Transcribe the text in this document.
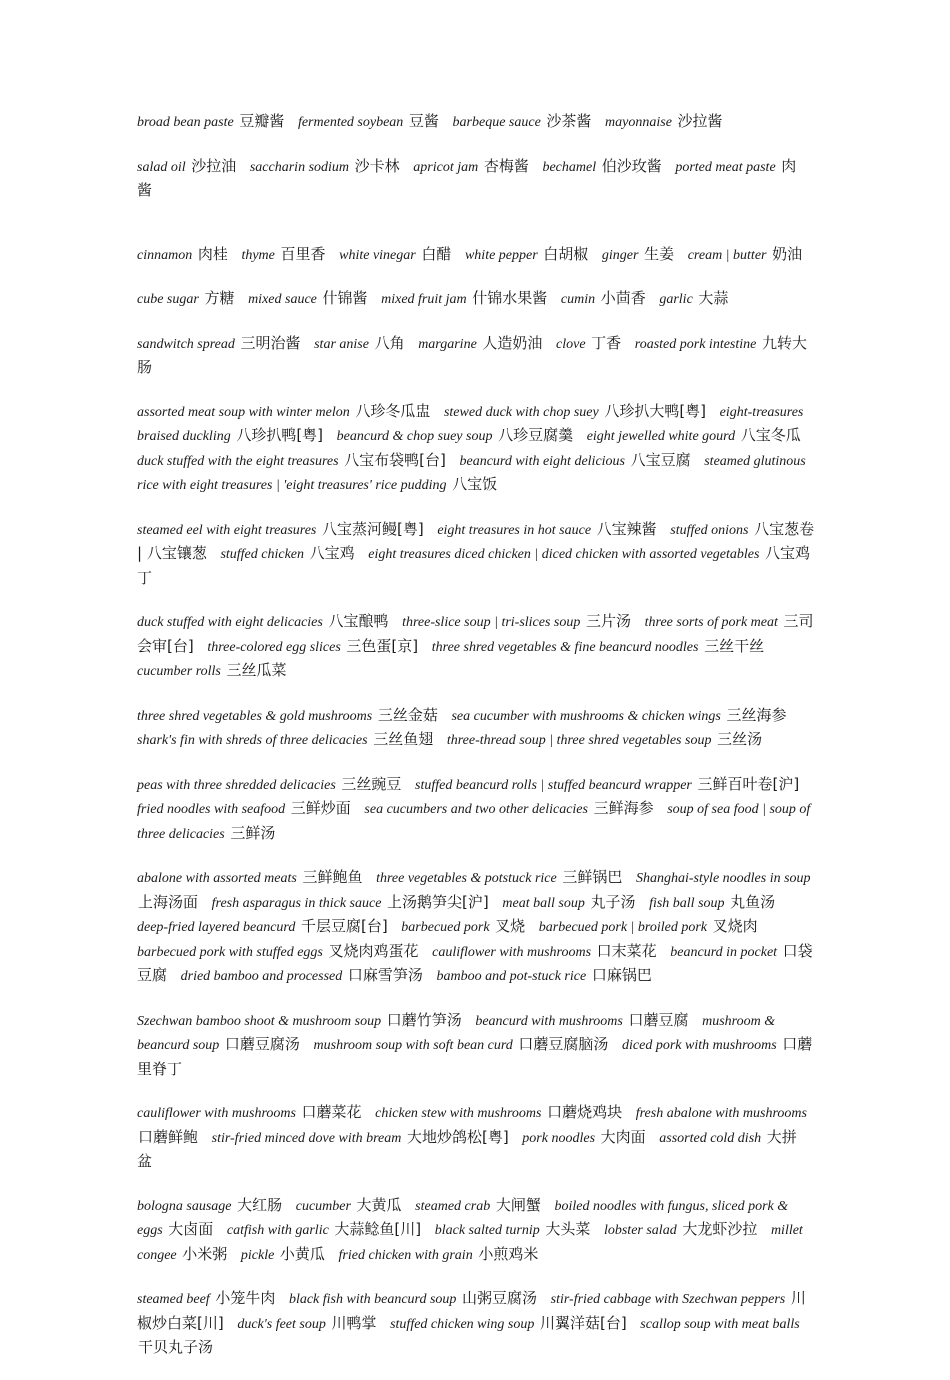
broad bean paste 豆瓣酱 fermented soybean 豆酱 barbeque sauce 沙茶酱 mayonnaise 沙拉酱

salad oil 沙拉油 saccharin sodium 沙卡林 apricot jam 杏梅酱 bechamel 伯沙玫酱 ported meat paste 肉酱

cinnamon 肉桂 thyme 百里香 white vinegar 白醋 white pepper 白胡椒 ginger 生姜 cream | butter 奶油

cube sugar 方糖 mixed sauce 什锦酱 mixed fruit jam 什锦水果酱 cumin 小茴香 garlic 大蒜

sandwitch spread 三明治酱 star anise 八角 margarine 人造奶油 clove 丁香 roasted pork intestine 九转大肠

assorted meat soup with winter melon 八珍冬瓜盅 stewed duck with chop suey 八珍扒大鸭[粤] eight-treasures braised duckling 八珍扒鸭[粤] beancurd & chop suey soup 八珍豆腐羹 eight jewelled white gourd 八宝冬瓜 duck stuffed with the eight treasures 八宝布袋鸭[台] beancurd with eight delicious 八宝豆腐 steamed glutinous rice with eight treasures | 'eight treasures' rice pudding 八宝饭

steamed eel with eight treasures 八宝蒸河鳗[粤] eight treasures in hot sauce 八宝辣酱 stuffed onions 八宝葱卷 | 八宝镶葱 stuffed chicken 八宝鸡 eight treasures diced chicken | diced chicken with assorted vegetables 八宝鸡丁

duck stuffed with eight delicacies 八宝酿鸭 three-slice soup | tri-slices soup 三片汤 three sorts of pork meat 三司会审[台] three-colored egg slices 三色蛋[京] three shred vegetables & fine beancurd noodles 三丝干丝 cucumber rolls 三丝瓜菜

three shred vegetables & gold mushrooms 三丝金菇 sea cucumber with mushrooms & chicken wings 三丝海参 shark's fin with shreds of three delicacies 三丝鱼翅 three-thread soup | three shred vegetables soup 三丝汤

peas with three shredded delicacies 三丝豌豆 stuffed beancurd rolls | stuffed beancurd wrapper 三鲜百叶卷[沪] fried noodles with seafood 三鲜炒面 sea cucumbers and two other delicacies 三鲜海参 soup of sea food | soup of three delicacies 三鲜汤

abalone with assorted meats 三鲜鲍鱼 three vegetables & potstuck rice 三鲜锅巴 Shanghai-style noodles in soup 上海汤面 fresh asparagus in thick sauce 上汤鹅笋尖[沪] meat ball soup 丸子汤 fish ball soup 丸鱼汤 deep-fried layered beancurd 千层豆腐[台] barbecued pork 叉烧 barbecued pork | broiled pork 叉烧肉 barbecued pork with stuffed eggs 叉烧肉鸡蛋花 cauliflower with mushrooms 口末菜花 beancurd in pocket 口袋豆腐 dried bamboo and processed 口麻雪笋汤 bamboo and pot-stuck rice 口麻锅巴

Szechwan bamboo shoot & mushroom soup 口蘑竹笋汤 beancurd with mushrooms 口蘑豆腐 mushroom & beancurd soup 口蘑豆腐汤 mushroom soup with soft bean curd 口蘑豆腐脑汤 diced pork with mushrooms 口蘑里脊丁

cauliflower with mushrooms 口蘑菜花 chicken stew with mushrooms 口蘑烧鸡块 fresh abalone with mushrooms 口蘑鲜鲍 stir-fried minced dove with bream 大地炒鸽松[粤] pork noodles 大肉面 assorted cold dish 大拼盆

bologna sausage 大红肠 cucumber 大黄瓜 steamed crab 大闸蟹 boiled noodles with fungus, sliced pork & eggs 大卤面 catfish with garlic 大蒜鲶鱼[川] black salted turnip 大头菜 lobster salad 大龙虾沙拉 millet congee 小米粥 pickle 小黄瓜 fried chicken with grain 小煎鸡米

steamed beef 小笼牛肉 black fish with beancurd soup 山粥豆腐汤 stir-fried cabbage with Szechwan peppers 川椒炒白菜[川] duck's feet soup 川鸭掌 stuffed chicken wing soup 川翼洋菇[台] scallop soup with meat balls 干贝丸子汤
